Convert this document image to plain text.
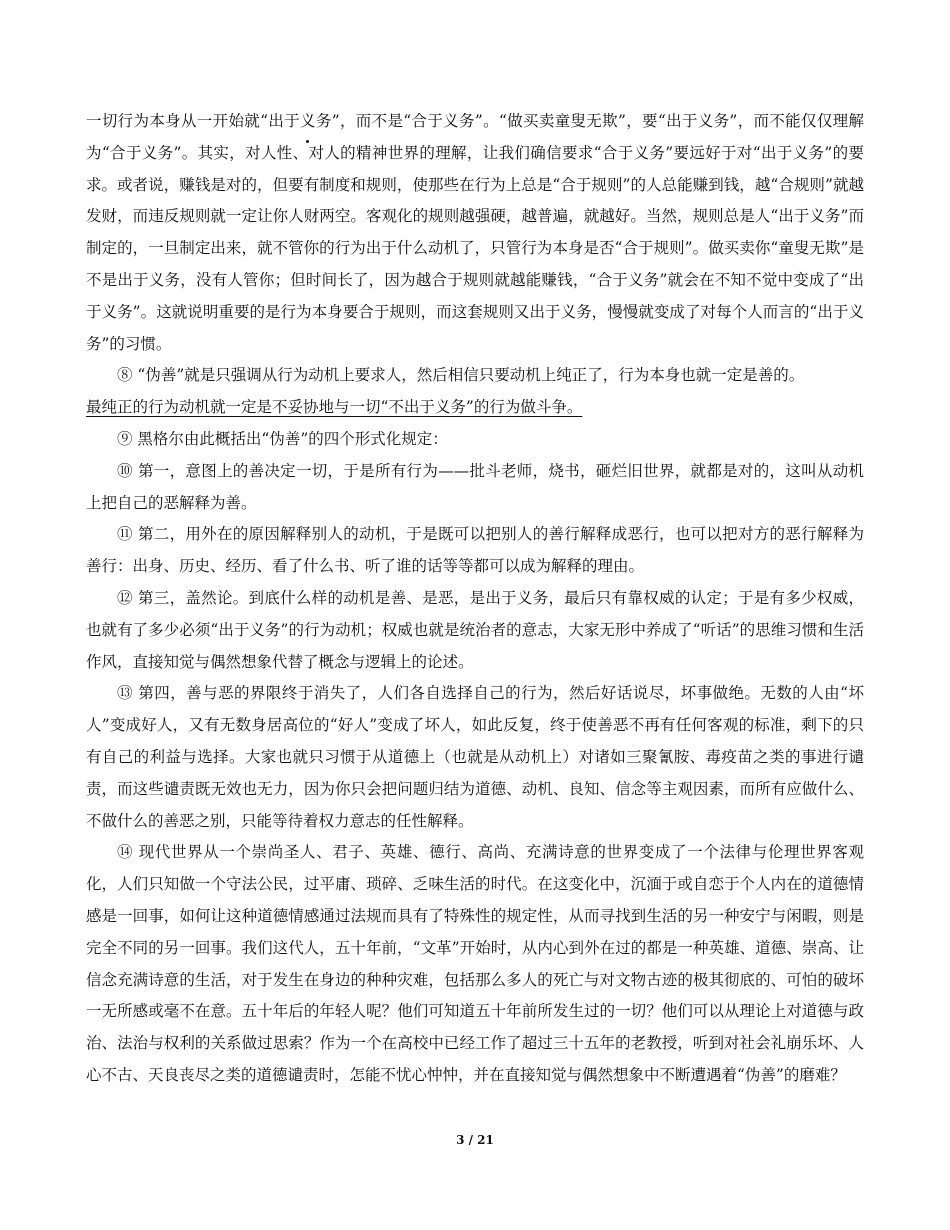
一切行为本身从一开始就“出于义务”，而不是“合于义务”。“做买卖童叟无欺”，要“出于义务”，而不能仅仅理解为“合于义务”。其实，对人性、对人的精神世界的理解，让我们确信要求“合于义务”要远好于对“出于义务”的要求。或者说，赚钱是对的，但要有制度和规则，使那些在行为上总是“合于规则”的人总能赚到钱，越“合规则”就越发财，而违反规则就一定让你人财两空。客观化的规则越强硬，越普遍，就越好。当然，规则总是人“出于义务”而制定的，一旦制定出来，就不管你的行为出于什么动机了，只管行为本身是否“合于规则”。做买卖你“童叟无欺”是不是出于义务，没有人管你；但时间长了，因为越合于规则就越能赚钱，“合于义务”就会在不知不觉中变成了“出于义务”。这就说明重要的是行为本身要合于规则，而这套规则又出于义务，慢慢就变成了对每个人而言的“出于义务”的习惯。

⑧ “伪善”就是只强调从行为动机上要求人，然后相信只要动机上纯正了，行为本身也就一定是善的。
最纯正的行为动机就一定是不妥协地与一切“不出于义务”的行为做斗争。

⑨ 黑格尔由此概括出“伪善”的四个形式化规定：

⑩ 第一，意图上的善决定一切，于是所有行为——批斗老师，烧书，砸烂旧世界，就都是对的，这叫从动机上把自己的恶解释为善。

⑪ 第二，用外在的原因解释别人的动机，于是既可以把别人的善行解释成恶行，也可以把对方的恶行解释为善行：出身、历史、经历、看了什么书、听了谁的话等等都可以成为解释的理由。

⑫ 第三，盖然论。到底什么样的动机是善、是恶，是出于义务，最后只有靠权威的认定；于是有多少权威，也就有了多少必须“出于义务”的行为动机；权威也就是统治者的意志，大家无形中养成了“听话”的思维习惯和生活作风，直接知觉与偶然想象代替了概念与逻辑上的论述。

⑬ 第四，善与恶的界限终于消失了，人们各自选择自己的行为，然后好话说尽，坏事做绝。无数的人由“坏人”变成好人，又有无数身居高位的“好人”变成了坏人，如此反复，终于使善恶不再有任何客观的标准，剩下的只有自己的利益与选择。大家也就只习惯于从道德上（也就是从动机上）对诸如三聚氰胺、毒疫苗之类的事进行谴责，而这些谴责既无效也无力，因为你只会把问题归结为道德、动机、良知、信念等主观因素，而所有应做什么、不做什么的善恶之别，只能等待着权力意志的任性解释。

⑭ 现代世界从一个崇尚圣人、君子、英雄、德行、高尚、充满诗意的世界变成了一个法律与伦理世界客观化，人们只知做一个守法公民，过平庸、琐碎、乏味生活的时代。在这变化中，沉湎于或自恋于个人内在的道德情感是一回事，如何让这种道德情感通过法规而具有了特殊性的规定性，从而寻找到生活的另一种安宁与闲暇，则是完全不同的另一回事。我们这代人，五十年前，“文革”开始时，从内心到外在过的都是一种英雄、道德、崇高、让信念充满诗意的生活，对于发生在身边的种种灾难，包括那么多人的死亡与对文物古迹的极其彻底的、可怕的破坏一无所感或毫不在意。五十年后的年轻人呢？他们可知道五十年前所发生过的一切？他们可以从理论上对道德与政治、法治与权利的关系做过思索？作为一个在高校中已经工作了超过三十五年的老教授，听到对社会礼崩乐坏、人心不古、天良丧尽之类的道德谴责时，怎能不忧心忡忡，并在直接知觉与偶然想象中不断遭遇着“伪善”的磨难？

3 / 21
